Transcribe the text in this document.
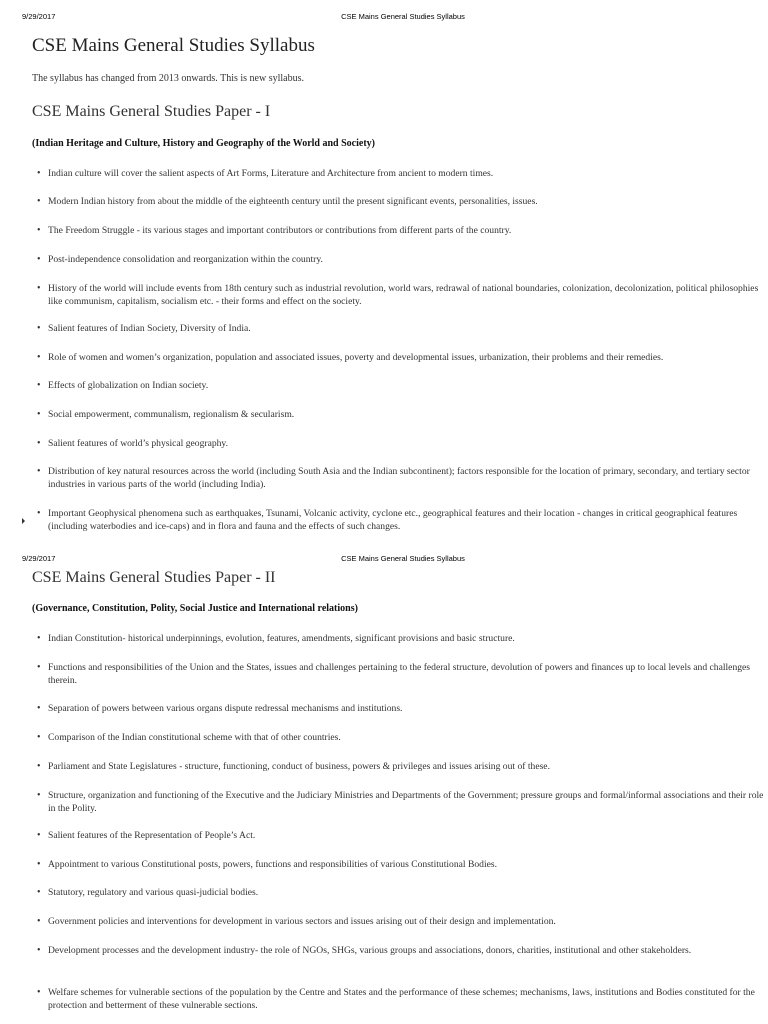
9/29/2017	CSE Mains General Studies Syllabus
CSE Mains General Studies Syllabus

The syllabus has changed from 2013 onwards. This is new syllabus.

CSE Mains General Studies Paper - I

(Indian Heritage and Culture, History and Geography of the World and Society)

• Indian culture will cover the salient aspects of Art Forms, Literature and Architecture from ancient to modern times.
• Modern Indian history from about the middle of the eighteenth century until the present significant events, personalities, issues.
• The Freedom Struggle - its various stages and important contributors or contributions from different parts of the country.
• Post-independence consolidation and reorganization within the country.
• History of the world will include events from 18th century such as industrial revolution, world wars, redrawal of national boundaries, colonization, decolonization, political philosophies like communism, capitalism, socialism etc. - their forms and effect on the society.
• Salient features of Indian Society, Diversity of India.
• Role of women and women’s organization, population and associated issues, poverty and developmental issues, urbanization, their problems and their remedies.
• Effects of globalization on Indian society.
• Social empowerment, communalism, regionalism & secularism.
• Salient features of world’s physical geography.
• Distribution of key natural resources across the world (including South Asia and the Indian subcontinent); factors responsible for the location of primary, secondary, and tertiary sector industries in various parts of the world (including India).
• Important Geophysical phenomena such as earthquakes, Tsunami, Volcanic activity, cyclone etc., geographical features and their location - changes in critical geographical features (including waterbodies and ice-caps) and in flora and fauna and the effects of such changes.
9/29/2017	CSE Mains General Studies Syllabus
CSE Mains General Studies Paper - II

(Governance, Constitution, Polity, Social Justice and International relations)

• Indian Constitution- historical underpinnings, evolution, features, amendments, significant provisions and basic structure.
• Functions and responsibilities of the Union and the States, issues and challenges pertaining to the federal structure, devolution of powers and finances up to local levels and challenges therein.
• Separation of powers between various organs dispute redressal mechanisms and institutions.
• Comparison of the Indian constitutional scheme with that of other countries.
• Parliament and State Legislatures - structure, functioning, conduct of business, powers & privileges and issues arising out of these.
• Structure, organization and functioning of the Executive and the Judiciary Ministries and Departments of the Government; pressure groups and formal/informal associations and their role in the Polity.
• Salient features of the Representation of People’s Act.
• Appointment to various Constitutional posts, powers, functions and responsibilities of various Constitutional Bodies.
• Statutory, regulatory and various quasi-judicial bodies.
• Government policies and interventions for development in various sectors and issues arising out of their design and implementation.
• Development processes and the development industry- the role of NGOs, SHGs, various groups and associations, donors, charities, institutional and other stakeholders.
• Welfare schemes for vulnerable sections of the population by the Centre and States and the performance of these schemes; mechanisms, laws, institutions and Bodies constituted for the protection and betterment of these vulnerable sections.
